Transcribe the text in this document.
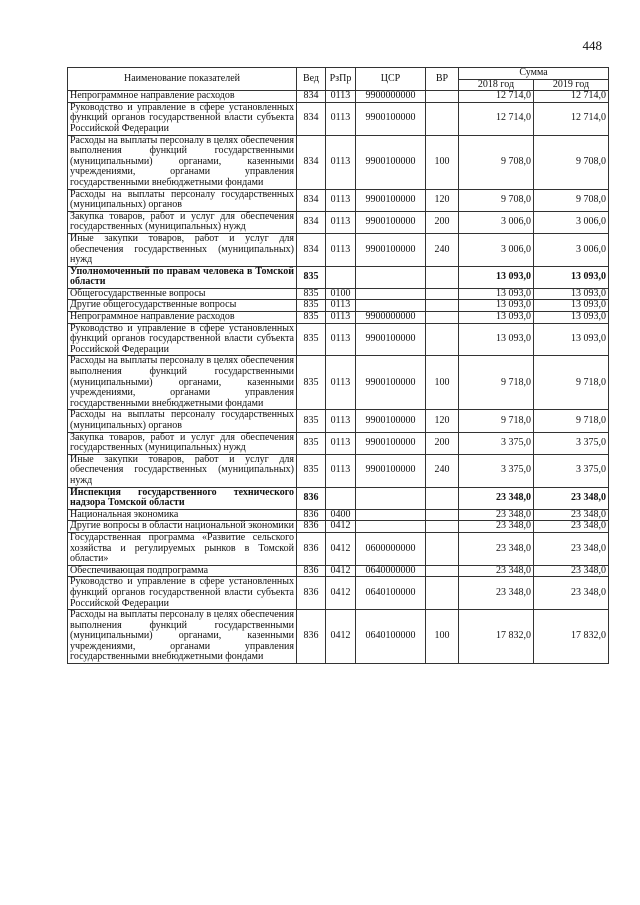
448
Наименование показателей	Вед	РзПр	ЦСР	ВР	Сумма	
					2018 год	2019 год
Непрограммное направление расходов	834	0113	9900000000		12 714,0	12 714,0
Руководство и управление в сфере установленных функций органов государственной власти субъекта Российской Федерации	834	0113	9900100000		12 714,0	12 714,0
Расходы на выплаты персоналу в целях обеспечения выполнения функций государственными (муниципальными) органами, казенными учреждениями, органами управления государственными внебюджетными фондами	834	0113	9900100000	100	9 708,0	9 708,0
Расходы на выплаты персоналу государственных (муниципальных) органов	834	0113	9900100000	120	9 708,0	9 708,0
Закупка товаров, работ и услуг для обеспечения государственных (муниципальных) нужд	834	0113	9900100000	200	3 006,0	3 006,0
Иные закупки товаров, работ и услуг для обеспечения государственных (муниципальных) нужд	834	0113	9900100000	240	3 006,0	3 006,0
Уполномоченный по правам человека в Томской области	835				13 093,0	13 093,0
Общегосударственные вопросы	835	0100			13 093,0	13 093,0
Другие общегосударственные вопросы	835	0113			13 093,0	13 093,0
Непрограммное направление расходов	835	0113	9900000000		13 093,0	13 093,0
Руководство и управление в сфере установленных функций органов государственной власти субъекта Российской Федерации	835	0113	9900100000		13 093,0	13 093,0
Расходы на выплаты персоналу в целях обеспечения выполнения функций государственными (муниципальными) органами, казенными учреждениями, органами управления государственными внебюджетными фондами	835	0113	9900100000	100	9 718,0	9 718,0
Расходы на выплаты персоналу государственных (муниципальных) органов	835	0113	9900100000	120	9 718,0	9 718,0
Закупка товаров, работ и услуг для обеспечения государственных (муниципальных) нужд	835	0113	9900100000	200	3 375,0	3 375,0
Иные закупки товаров, работ и услуг для обеспечения государственных (муниципальных) нужд	835	0113	9900100000	240	3 375,0	3 375,0
Инспекция государственного технического надзора Томской области	836				23 348,0	23 348,0
Национальная экономика	836	0400			23 348,0	23 348,0
Другие вопросы в области национальной экономики	836	0412			23 348,0	23 348,0
Государственная программа «Развитие сельского хозяйства и регулируемых рынков в Томской области»	836	0412	0600000000		23 348,0	23 348,0
Обеспечивающая подпрограмма	836	0412	0640000000		23 348,0	23 348,0
Руководство и управление в сфере установленных функций органов государственной власти субъекта Российской Федерации	836	0412	0640100000		23 348,0	23 348,0
Расходы на выплаты персоналу в целях обеспечения выполнения функций государственными (муниципальными) органами, казенными учреждениями, органами управления государственными внебюджетными фондами	836	0412	0640100000	100	17 832,0	17 832,0
